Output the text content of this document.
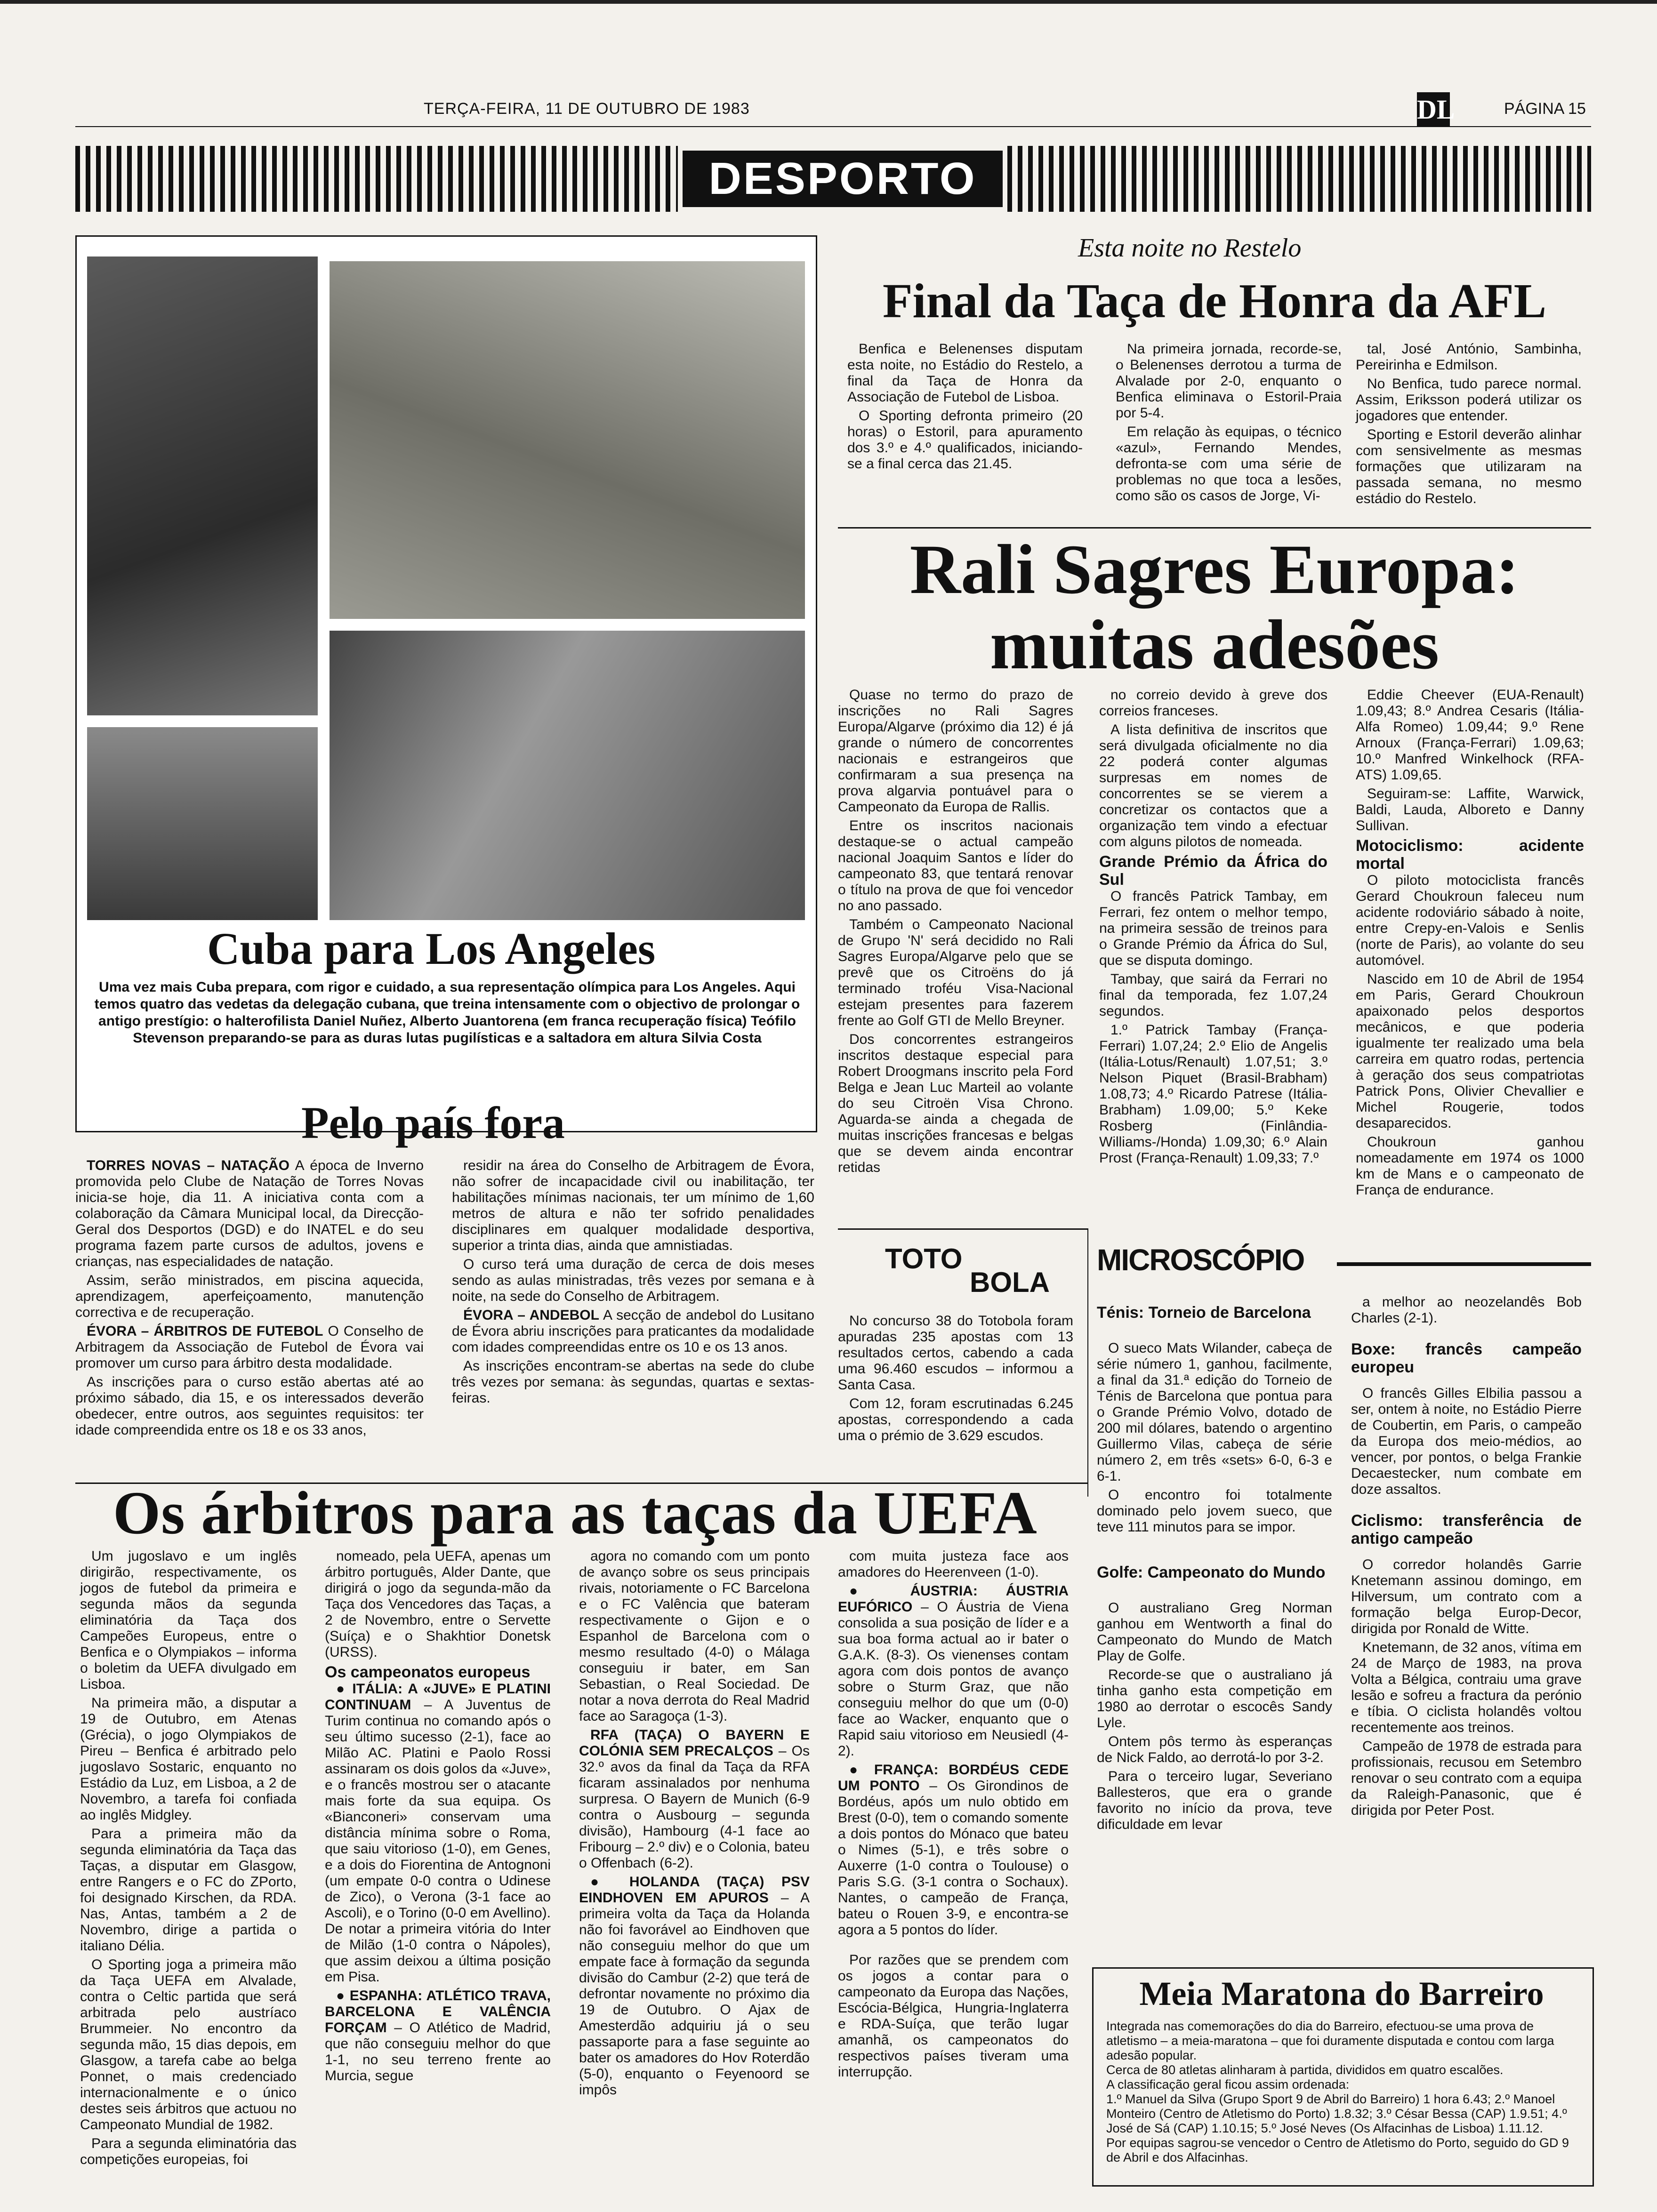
TERÇA-FEIRA, 11 DE OUTUBRO DE 1983	DL	PÁGINA 15
DESPORTO
Cuba para Los Angeles
Uma vez mais Cuba prepara, com rigor e cuidado, a sua representação olímpica para Los Angeles. Aqui temos quatro das vedetas da delegação cubana, que treina intensamente com o objectivo de prolongar o antigo prestígio: o halterofilista Daniel Nuñez, Alberto Juantorena (em franca recuperação física) Teófilo Stevenson preparando-se para as duras lutas pugilísticas e a saltadora em altura Silvia Costa
Esta noite no Restelo
Final da Taça de Honra da AFL

Benfica e Belenenses disputam esta noite, no Estádio do Restelo, a final da Taça de Honra da Associação de Futebol de Lisboa.

O Sporting defronta primeiro (20 horas) o Estoril, para apuramento dos 3.º e 4.º qualificados, iniciando-se a final cerca das 21.45.

Na primeira jornada, recorde-se, o Belenenses derrotou a turma de Alvalade por 2-0, enquanto o Benfica eliminava o Estoril-Praia por 5-4.

Em relação às equipas, o técnico «azul», Fernando Mendes, defronta-se com uma série de problemas no que toca a lesões, como são os casos de Jorge, Vi-

tal, José António, Sambinha, Pereirinha e Edmilson.

No Benfica, tudo parece normal. Assim, Eriksson poderá utilizar os jogadores que entender.

Sporting e Estoril deverão alinhar com sensivelmente as mesmas formações que utilizaram na passada semana, no mesmo estádio do Restelo.

Rali Sagres Europa:
muitas adesões

Quase no termo do prazo de inscrições no Rali Sagres Europa/Algarve (próximo dia 12) é já grande o número de concorrentes nacionais e estrangeiros que confirmaram a sua presença na prova algarvia pontuável para o Campeonato da Europa de Rallis.

Entre os inscritos nacionais destaque-se o actual campeão nacional Joaquim Santos e líder do campeonato 83, que tentará renovar o título na prova de que foi vencedor no ano passado.

Também o Campeonato Nacional de Grupo 'N' será decidido no Rali Sagres Europa/Algarve pelo que se prevê que os Citroëns do já terminado troféu Visa-Nacional estejam presentes para fazerem frente ao Golf GTI de Mello Breyner.

Dos concorrentes estrangeiros inscritos destaque especial para Robert Droogmans inscrito pela Ford Belga e Jean Luc Marteil ao volante do seu Citroën Visa Chrono. Aguarda-se ainda a chegada de muitas inscrições francesas e belgas que se devem ainda encontrar retidas

no correio devido à greve dos correios franceses.

A lista definitiva de inscritos que será divulgada oficialmente no dia 22 poderá conter algumas surpresas em nomes de concorrentes se se vierem a concretizar os contactos que a organização tem vindo a efectuar com alguns pilotos de nomeada.

Grande Prémio da África do Sul

O francês Patrick Tambay, em Ferrari, fez ontem o melhor tempo, na primeira sessão de treinos para o Grande Prémio da África do Sul, que se disputa domingo.

Tambay, que sairá da Ferrari no final da temporada, fez 1.07,24 segundos.

1.º Patrick Tambay (França-Ferrari) 1.07,24; 2.º Elio de Angelis (Itália-Lotus/Renault) 1.07,51; 3.º Nelson Piquet (Brasil-Brabham) 1.08,73; 4.º Ricardo Patrese (Itália-Brabham) 1.09,00; 5.º Keke Rosberg (Finlândia-Williams-/Honda) 1.09,30; 6.º Alain Prost (França-Renault) 1.09,33; 7.º

Eddie Cheever (EUA-Renault) 1.09,43; 8.º Andrea Cesaris (Itália-Alfa Romeo) 1.09,44; 9.º Rene Arnoux (França-Ferrari) 1.09,63; 10.º Manfred Winkelhock (RFA-ATS) 1.09,65.

Seguiram-se: Laffite, Warwick, Baldi, Lauda, Alboreto e Danny Sullivan.

Motociclismo: acidente mortal

O piloto motociclista francês Gerard Choukroun faleceu num acidente rodoviário sábado à noite, entre Crepy-en-Valois e Senlis (norte de Paris), ao volante do seu automóvel.

Nascido em 10 de Abril de 1954 em Paris, Gerard Choukroun apaixonado pelos desportos mecânicos, e que poderia igualmente ter realizado uma bela carreira em quatro rodas, pertencia à geração dos seus compatriotas Patrick Pons, Olivier Chevallier e Michel Rougerie, todos desaparecidos.

Choukroun ganhou nomeadamente em 1974 os 1000 km de Mans e o campeonato de França de endurance.

Pelo país fora

TORRES NOVAS – NATAÇÃO A época de Inverno promovida pelo Clube de Natação de Torres Novas inicia-se hoje, dia 11. A iniciativa conta com a colaboração da Câmara Municipal local, da Direcção-Geral dos Desportos (DGD) e do INATEL e do seu programa fazem parte cursos de adultos, jovens e crianças, nas especialidades de natação.

Assim, serão ministrados, em piscina aquecida, aprendizagem, aperfeiçoamento, manutenção correctiva e de recuperação.

ÉVORA – ÁRBITROS DE FUTEBOL O Conselho de Arbitragem da Associação de Futebol de Évora vai promover um curso para árbitro desta modalidade.

As inscrições para o curso estão abertas até ao próximo sábado, dia 15, e os interessados deverão obedecer, entre outros, aos seguintes requisitos: ter idade compreendida entre os 18 e os 33 anos,

residir na área do Conselho de Arbitragem de Évora, não sofrer de incapacidade civil ou inabilitação, ter habilitações mínimas nacionais, ter um mínimo de 1,60 metros de altura e não ter sofrido penalidades disciplinares em qualquer modalidade desportiva, superior a trinta dias, ainda que amnistiadas.

O curso terá uma duração de cerca de dois meses sendo as aulas ministradas, três vezes por semana e à noite, na sede do Conselho de Arbitragem.

ÉVORA – ANDEBOL A secção de andebol do Lusitano de Évora abriu inscrições para praticantes da modalidade com idades compreendidas entre os 10 e os 13 anos.

As inscrições encontram-se abertas na sede do clube três vezes por semana: às segundas, quartas e sextas-feiras.

TOTO
BOLA

No concurso 38 do Totobola foram apuradas 235 apostas com 13 resultados certos, cabendo a cada uma 96.460 escudos – informou a Santa Casa.

Com 12, foram escrutinadas 6.245 apostas, correspondendo a cada uma o prémio de 3.629 escudos.

MICROSCÓPIO
Ténis: Torneio de Barcelona

O sueco Mats Wilander, cabeça de série número 1, ganhou, facilmente, a final da 31.ª edição do Torneio de Ténis de Barcelona que pontua para o Grande Prémio Volvo, dotado de 200 mil dólares, batendo o argentino Guillermo Vilas, cabeça de série número 2, em três «sets» 6-0, 6-3 e 6-1.

O encontro foi totalmente dominado pelo jovem sueco, que teve 111 minutos para se impor.

Golfe: Campeonato do Mundo

O australiano Greg Norman ganhou em Wentworth a final do Campeonato do Mundo de Match Play de Golfe.

Recorde-se que o australiano já tinha ganho esta competição em 1980 ao derrotar o escocês Sandy Lyle.

Ontem pôs termo às esperanças de Nick Faldo, ao derrotá-lo por 3-2.

Para o terceiro lugar, Severiano Ballesteros, que era o grande favorito no início da prova, teve dificuldade em levar

a melhor ao neozelandês Bob Charles (2-1).

Boxe: francês campeão europeu

O francês Gilles Elbilia passou a ser, ontem à noite, no Estádio Pierre de Coubertin, em Paris, o campeão da Europa dos meio-médios, ao vencer, por pontos, o belga Frankie Decaestecker, num combate em doze assaltos.

Ciclismo: transferência de antigo campeão

O corredor holandês Garrie Knetemann assinou domingo, em Hilversum, um contrato com a formação belga Europ-Decor, dirigida por Ronald de Witte.

Knetemann, de 32 anos, vítima em 24 de Março de 1983, na prova Volta a Bélgica, contraiu uma grave lesão e sofreu a fractura da perónio e tíbia. O ciclista holandês voltou recentemente aos treinos.

Campeão de 1978 de estrada para profissionais, recusou em Setembro renovar o seu contrato com a equipa da Raleigh-Panasonic, que é dirigida por Peter Post.

Os árbitros para as taças da UEFA

Um jugoslavo e um inglês dirigirão, respectivamente, os jogos de futebol da primeira e segunda mãos da segunda eliminatória da Taça dos Campeões Europeus, entre o Benfica e o Olympiakos – informa o boletim da UEFA divulgado em Lisboa.

Na primeira mão, a disputar a 19 de Outubro, em Atenas (Grécia), o jogo Olympiakos de Pireu – Benfica é arbitrado pelo jugoslavo Sostaric, enquanto no Estádio da Luz, em Lisboa, a 2 de Novembro, a tarefa foi confiada ao inglês Midgley.

Para a primeira mão da segunda eliminatória da Taça das Taças, a disputar em Glasgow, entre Rangers e o FC do ZPorto, foi designado Kirschen, da RDA. Nas, Antas, também a 2 de Novembro, dirige a partida o italiano Délia.

O Sporting joga a primeira mão da Taça UEFA em Alvalade, contra o Celtic partida que será arbitrada pelo austríaco Brummeier. No encontro da segunda mão, 15 dias depois, em Glasgow, a tarefa cabe ao belga Ponnet, o mais credenciado internacionalmente e o único destes seis árbitros que actuou no Campeonato Mundial de 1982.

Para a segunda eliminatória das competições europeias, foi

nomeado, pela UEFA, apenas um árbitro português, Alder Dante, que dirigirá o jogo da segunda-mão da Taça dos Vencedores das Taças, a 2 de Novembro, entre o Servette (Suíça) e o Shakhtior Donetsk (URSS).

Os campeonatos europeus

● ITÁLIA: A «JUVE» E PLATINI CONTINUAM – A Juventus de Turim continua no comando após o seu último sucesso (2-1), face ao Milão AC. Platini e Paolo Rossi assinaram os dois golos da «Juve», e o francês mostrou ser o atacante mais forte da sua equipa. Os «Bianconeri» conservam uma distância mínima sobre o Roma, que saiu vitorioso (1-0), em Genes, e a dois do Fiorentina de Antognoni (um empate 0-0 contra o Udinese de Zico), o Verona (3-1 face ao Ascoli), e o Torino (0-0 em Avellino). De notar a primeira vitória do Inter de Milão (1-0 contra o Nápoles), que assim deixou a última posição em Pisa.

● ESPANHA: ATLÉTICO TRAVA, BARCELONA E VALÊNCIA FORÇAM – O Atlético de Madrid, que não conseguiu melhor do que 1-1, no seu terreno frente ao Murcia, segue

agora no comando com um ponto de avanço sobre os seus principais rivais, notoriamente o FC Barcelona e o FC Valência que bateram respectivamente o Gijon e o Espanhol de Barcelona com o mesmo resultado (4-0) o Málaga conseguiu ir bater, em San Sebastian, o Real Sociedad. De notar a nova derrota do Real Madrid face ao Saragoça (1-3).

RFA (TAÇA) O BAYERN E COLÓNIA SEM PRECALÇOS – Os 32.º avos da final da Taça da RFA ficaram assinalados por nenhuma surpresa. O Bayern de Munich (6-9 contra o Ausbourg – segunda divisão), Hambourg (4-1 face ao Fribourg – 2.º div) e o Colonia, bateu o Offenbach (6-2).

● HOLANDA (TAÇA) PSV EINDHOVEN EM APUROS – A primeira volta da Taça da Holanda não foi favorável ao Eindhoven que não conseguiu melhor do que um empate face à formação da segunda divisão do Cambur (2-2) que terá de defrontar novamente no próximo dia 19 de Outubro. O Ajax de Amesterdão adquiriu já o seu passaporte para a fase seguinte ao bater os amadores do Hov Roterdão (5-0), enquanto o Feyenoord se impôs

com muita justeza face aos amadores do Heerenveen (1-0).

● ÁUSTRIA: ÁUSTRIA EUFÓRICO – O Áustria de Viena consolida a sua posição de líder e a sua boa forma actual ao ir bater o G.A.K. (8-3). Os vienenses contam agora com dois pontos de avanço sobre o Sturm Graz, que não conseguiu melhor do que um (0-0) face ao Wacker, enquanto que o Rapid saiu vitorioso em Neusiedl (4-2).

● FRANÇA: BORDÉUS CEDE UM PONTO – Os Girondinos de Bordéus, após um nulo obtido em Brest (0-0), tem o comando somente a dois pontos do Mónaco que bateu o Nimes (5-1), e três sobre o Auxerre (1-0 contra o Toulouse) o Paris S.G. (3-1 contra o Sochaux). Nantes, o campeão de França, bateu o Rouen 3-9, e encontra-se agora a 5 pontos do líder.

Por razões que se prendem com os jogos a contar para o campeonato da Europa das Nações, Escócia-Bélgica, Hungria-Inglaterra e RDA-Suíça, que terão lugar amanhã, os campeonatos do respectivos países tiveram uma interrupção.

Meia Maratona do Barreiro
Integrada nas comemorações do dia do Barreiro, efectuou-se uma prova de atletismo – a meia-maratona – que foi duramente disputada e contou com larga adesão popular.
Cerca de 80 atletas alinharam à partida, divididos em quatro escalões.
A classificação geral ficou assim ordenada:
1.º Manuel da Silva (Grupo Sport 9 de Abril do Barreiro) 1 hora 6.43; 2.º Manoel Monteiro (Centro de Atletismo do Porto) 1.8.32; 3.º César Bessa (CAP) 1.9.51; 4.º José de Sá (CAP) 1.10.15; 5.º José Neves (Os Alfacinhas de Lisboa) 1.11.12.
Por equipas sagrou-se vencedor o Centro de Atletismo do Porto, seguido do GD 9 de Abril e dos Alfacinhas.
